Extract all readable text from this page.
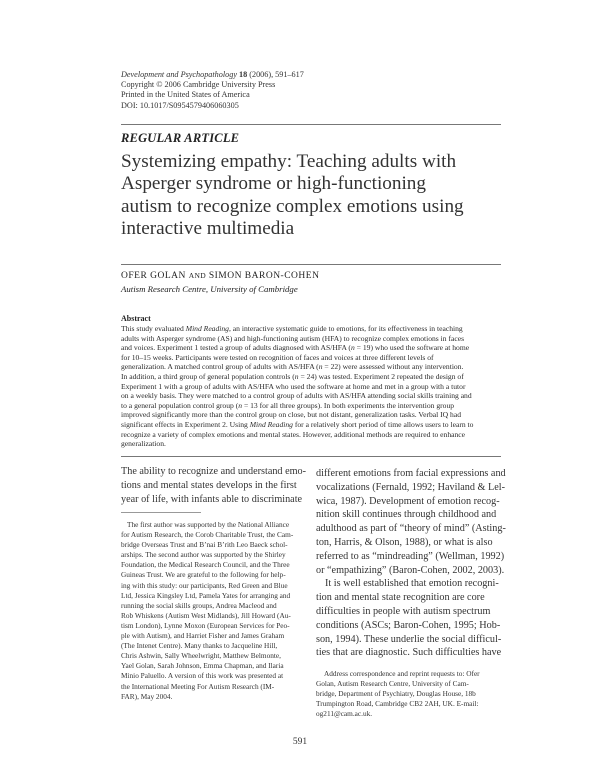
Development and Psychopathology 18 (2006), 591–617
Copyright © 2006 Cambridge University Press
Printed in the United States of America
DOI: 10.1017/S0954579406060305
REGULAR ARTICLE
Systemizing empathy: Teaching adults with
Asperger syndrome or high-functioning
autism to recognize complex emotions using
interactive multimedia
OFER GOLAN AND SIMON BARON-COHEN
Autism Research Centre, University of Cambridge
Abstract
This study evaluated Mind Reading, an interactive systematic guide to emotions, for its effectiveness in teaching
adults with Asperger syndrome (AS) and high-functioning autism (HFA) to recognize complex emotions in faces
and voices. Experiment 1 tested a group of adults diagnosed with AS/HFA (n = 19) who used the software at home
for 10–15 weeks. Participants were tested on recognition of faces and voices at three different levels of
generalization. A matched control group of adults with AS/HFA (n = 22) were assessed without any intervention.
In addition, a third group of general population controls (n = 24) was tested. Experiment 2 repeated the design of
Experiment 1 with a group of adults with AS/HFA who used the software at home and met in a group with a tutor
on a weekly basis. They were matched to a control group of adults with AS/HFA attending social skills training and
to a general population control group (n = 13 for all three groups). In both experiments the intervention group
improved significantly more than the control group on close, but not distant, generalization tasks. Verbal IQ had
significant effects in Experiment 2. Using Mind Reading for a relatively short period of time allows users to learn to
recognize a variety of complex emotions and mental states. However, additional methods are required to enhance
generalization.
The ability to recognize and understand emo-
tions and mental states develops in the first
year of life, with infants able to discriminate
The first author was supported by the National Alliance
for Autism Research, the Corob Charitable Trust, the Cam-
bridge Overseas Trust and B’nai B’rith Leo Baeck schol-
arships. The second author was supported by the Shirley
Foundation, the Medical Research Council, and the Three
Guineas Trust. We are grateful to the following for help-
ing with this study: our participants, Red Green and Blue
Ltd, Jessica Kingsley Ltd, Pamela Yates for arranging and
running the social skills groups, Andrea Macleod and
Rob Whiskens (Autism West Midlands), Jill Howard (Au-
tism London), Lynne Moxon (European Services for Peo-
ple with Autism), and Harriet Fisher and James Graham
(The Intenet Centre). Many thanks to Jacqueline Hill,
Chris Ashwin, Sally Wheelwright, Matthew Belmonte,
Yael Golan, Sarah Johnson, Emma Chapman, and Ilaria
Minio Paluello. A version of this work was presented at
the International Meeting For Autism Research (IM-
FAR), May 2004.
different emotions from facial expressions and
vocalizations (Fernald, 1992; Haviland & Lel-
wica, 1987). Development of emotion recog-
nition skill continues through childhood and
adulthood as part of “theory of mind” (Asting-
ton, Harris, & Olson, 1988), or what is also
referred to as “mindreading” (Wellman, 1992)
or “empathizing” (Baron-Cohen, 2002, 2003).
It is well established that emotion recogni-
tion and mental state recognition are core
difficulties in people with autism spectrum
conditions (ASCs; Baron-Cohen, 1995; Hob-
son, 1994). These underlie the social difficul-
ties that are diagnostic. Such difficulties have
Address correspondence and reprint requests to: Ofer
Golan, Autism Research Centre, University of Cam-
bridge, Department of Psychiatry, Douglas House, 18b
Trumpington Road, Cambridge CB2 2AH, UK. E-mail:
og211@cam.ac.uk.
591
